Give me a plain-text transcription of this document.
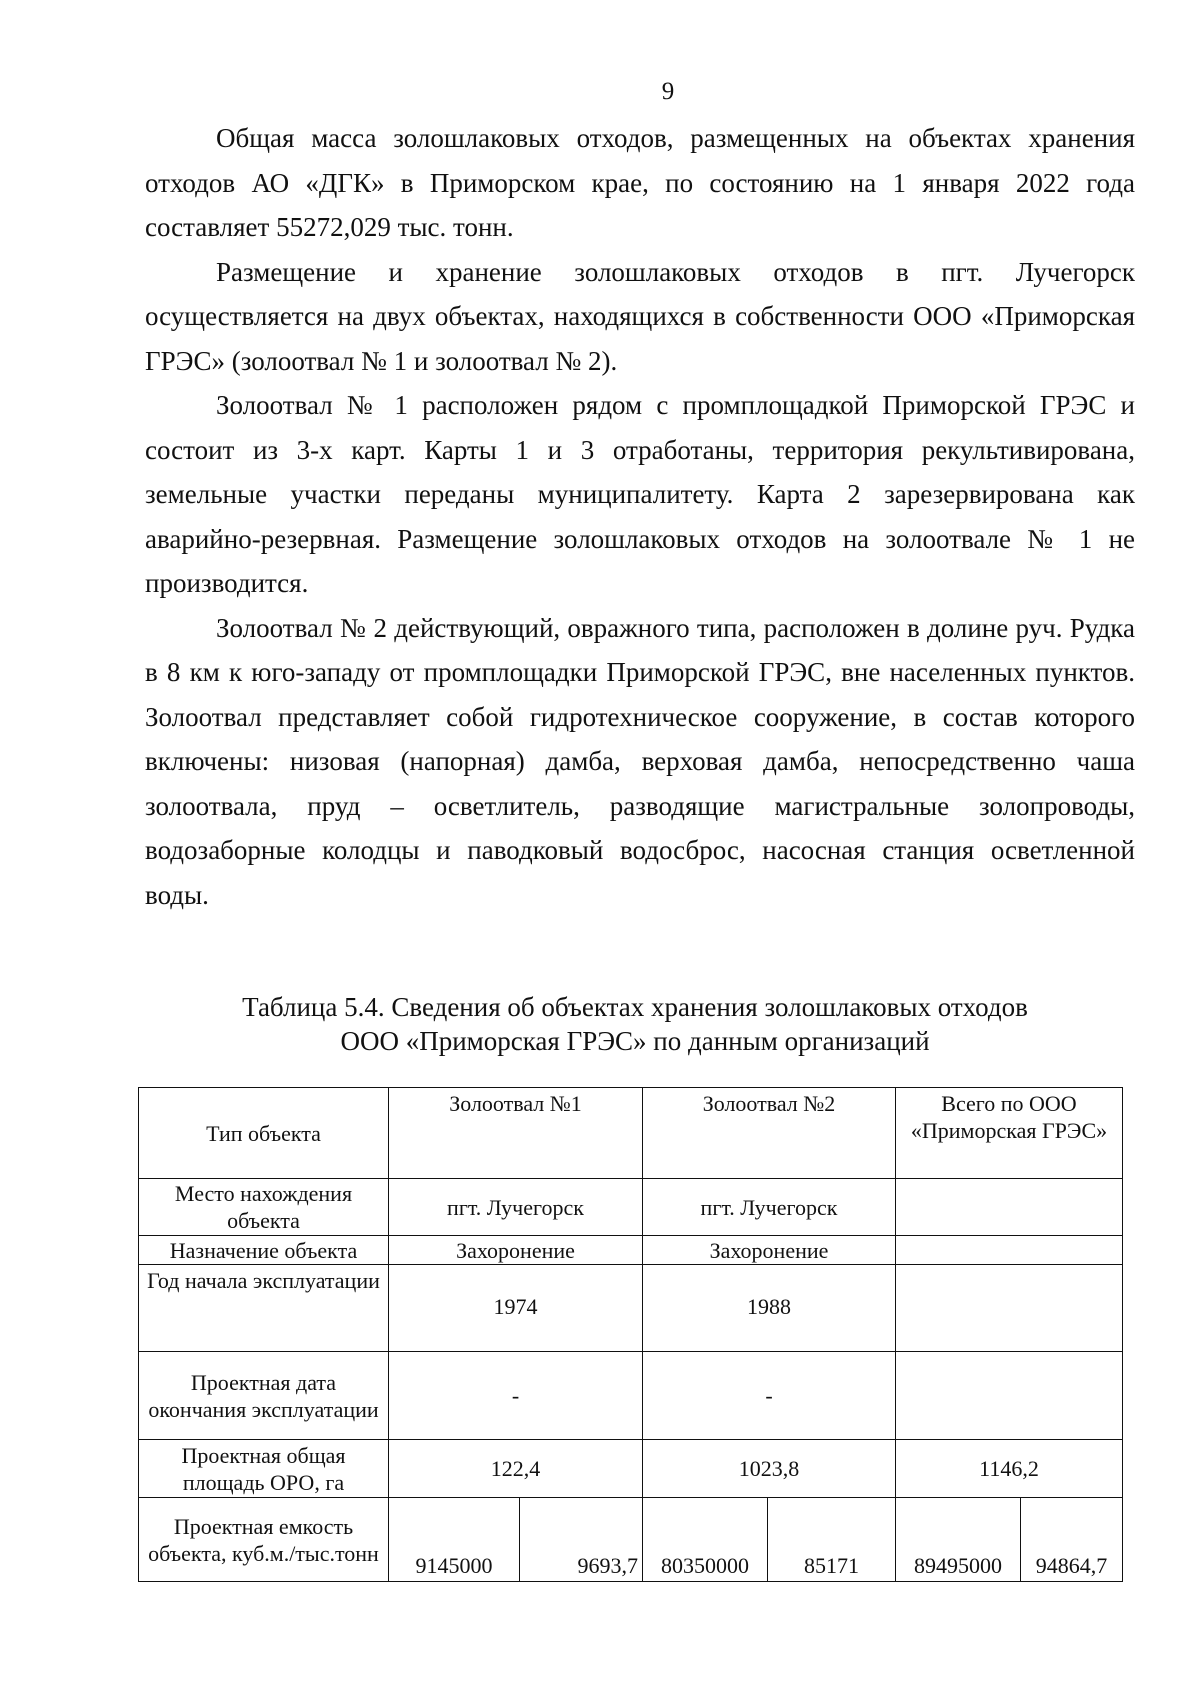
9

Общая масса золошлаковых отходов, размещенных на объектах хранения отходов АО «ДГК» в Приморском крае, по состоянию на 1 января 2022 года составляет 55272,029 тыс. тонн.

Размещение и хранение золошлаковых отходов в пгт. Лучегорск осуществляется на двух объектах, находящихся в собственности ООО «Приморская ГРЭС» (золоотвал № 1 и золоотвал № 2).

Золоотвал № 1 расположен рядом с промплощадкой Приморской ГРЭС и состоит из 3-х карт. Карты 1 и 3 отработаны, территория рекультивирована, земельные участки переданы муниципалитету. Карта 2 зарезервирована как аварийно-резервная. Размещение золошлаковых отходов на золоотвале № 1 не производится.

Золоотвал № 2 действующий, овражного типа, расположен в долине руч. Рудка в 8 км к юго-западу от промплощадки Приморской ГРЭС, вне населенных пунктов. Золоотвал представляет собой гидротехническое сооружение, в состав которого включены: низовая (напорная) дамба, верховая дамба, непосредственно чаша золоотвала, пруд – осветлитель, разводящие магистральные золопроводы, водозаборные колодцы и паводковый водосброс, насосная станция осветленной воды.

Таблица 5.4. Сведения об объектах хранения золошлаковых отходов
ООО «Приморская ГРЭС» по данным организаций
Тип объекта	Золоотвал №1		Золоотвал №2		Всего по ООО «Приморская ГРЭС»	
Место нахождения объекта	пгт. Лучегорск		пгт. Лучегорск			
Назначение объекта	Захоронение		Захоронение			
Год начала эксплуатации	1974		1988			
Проектная дата окончания эксплуатации	-		-			
Проектная общая площадь ОРО, га	122,4		1023,8		1146,2	
Проектная емкость объекта, куб.м./тыс.тонн	9145000	9693,7	80350000	85171	89495000	94864,7
